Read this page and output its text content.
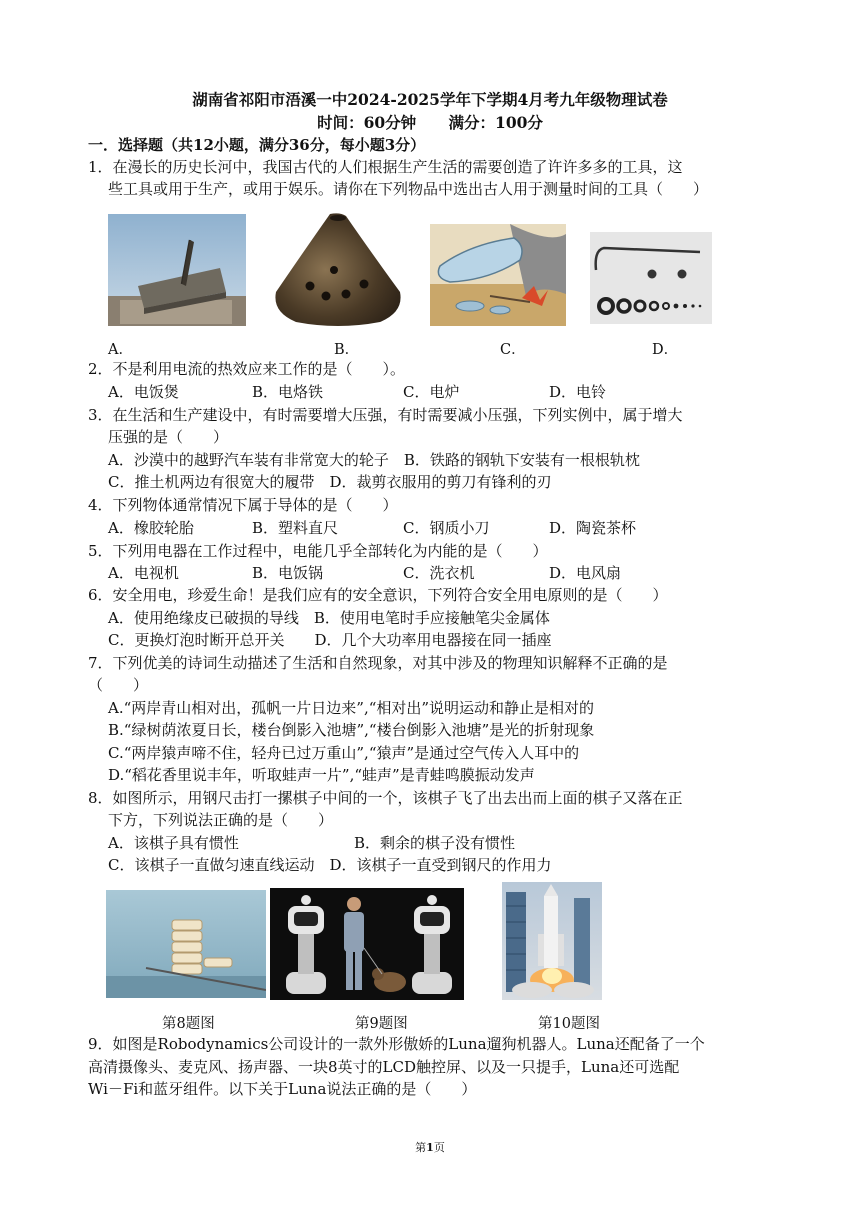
湖南省祁阳市浯溪一中2024-2025学年下学期4月考九年级物理试卷
时间：60分钟      满分：100分
一．选择题（共12小题，满分36分，每小题3分）
1．在漫长的历史长河中，我国古代的人们根据生产生活的需要创造了许许多多的工具，这
些工具或用于生产，或用于娱乐。请你在下列物品中选出古人用于测量时间的工具（　　）
A．	B．	C．	D．
2．不是利用电流的热效应来工作的是（　　）。
A．电饭煲	B．电烙铁	C．电炉	D．电铃
3．在生活和生产建设中，有时需要增大压强，有时需要减小压强，下列实例中，属于增大
压强的是（　　）
A．沙漠中的越野汽车装有非常宽大的轮子　B．铁路的钢轨下安装有一根根轨枕
C．推土机两边有很宽大的履带　D．裁剪衣服用的剪刀有锋利的刃
4．下列物体通常情况下属于导体的是（　　）
A．橡胶轮胎	B．塑料直尺	C．钢质小刀	D．陶瓷茶杯
5．下列用电器在工作过程中，电能几乎全部转化为内能的是（　　）
A．电视机	B．电饭锅	C．洗衣机	D．电风扇
6．安全用电，珍爱生命！是我们应有的安全意识，下列符合安全用电原则的是（　　）
A．使用绝缘皮已破损的导线　B．使用电笔时手应接触笔尖金属体
C．更换灯泡时断开总开关　　D．几个大功率用电器接在同一插座
7．下列优美的诗词生动描述了生活和自然现象，对其中涉及的物理知识解释不正确的是
（　　）
A.“两岸青山相对出，孤帆一片日边来”,“相对出”说明运动和静止是相对的
B.“绿树荫浓夏日长，楼台倒影入池塘”,“楼台倒影入池塘”是光的折射现象
C.“两岸猿声啼不住，轻舟已过万重山”,“猿声”是通过空气传入人耳中的
D.“稻花香里说丰年，听取蛙声一片”,“蛙声”是青蛙鸣膜振动发声
8．如图所示，用钢尺击打一摞棋子中间的一个，该棋子飞了出去出而上面的棋子又落在正
下方，下列说法正确的是（　　）
A．该棋子具有惯性	B．剩余的棋子没有惯性
C．该棋子一直做匀速直线运动　D．该棋子一直受到钢尺的作用力
第8题图	第9题图	第10题图
9．如图是Robodynamics公司设计的一款外形傲娇的Luna遛狗机器人。Luna还配备了一个
高清摄像头、麦克风、扬声器、一块8英寸的LCD触控屏、以及一只提手，Luna还可选配
Wi－Fi和蓝牙组件。以下关于Luna说法正确的是（　　）
第1页
